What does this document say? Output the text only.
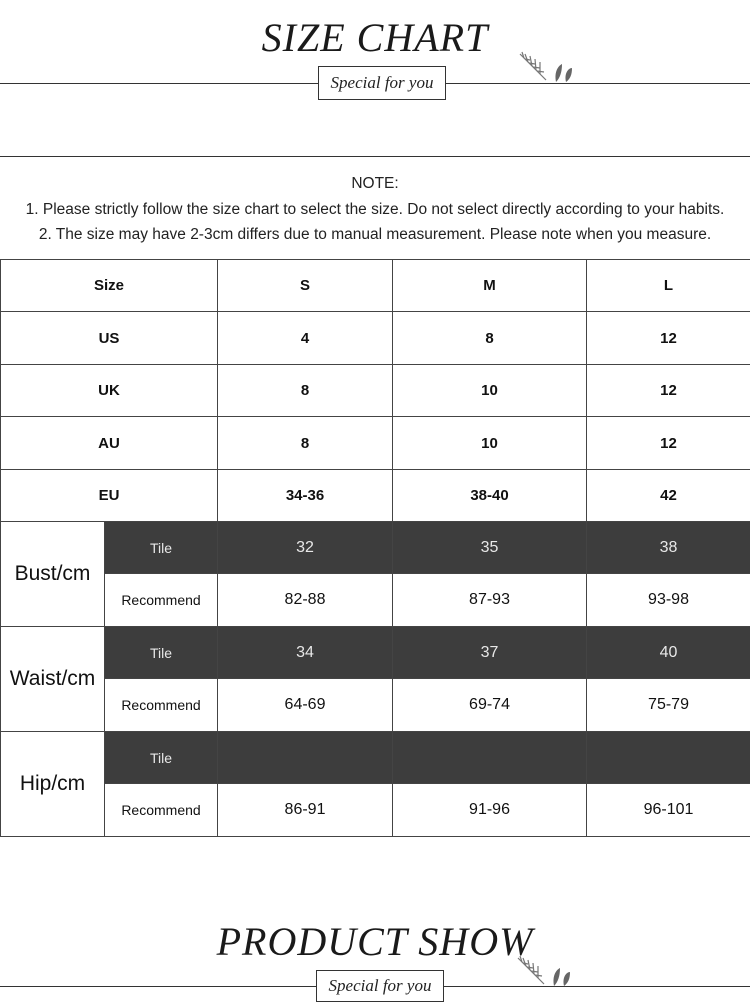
SIZE CHART
Special for you
NOTE:
1. Please strictly follow the size chart to select the size. Do not select directly according to your habits.
2. The size may have 2-3cm differs due to manual measurement. Please note when you measure.
Size		S	M	L
US		4	8	12
UK		8	10	12
AU		8	10	12
EU		34-36	38-40	42
Bust/cm	Tile	32	35	38
	Recommend	82-88	87-93	93-98
Waist/cm	Tile	34	37	40
	Recommend	64-69	69-74	75-79
Hip/cm	Tile			
	Recommend	86-91	91-96	96-101
PRODUCT SHOW
Special for you
